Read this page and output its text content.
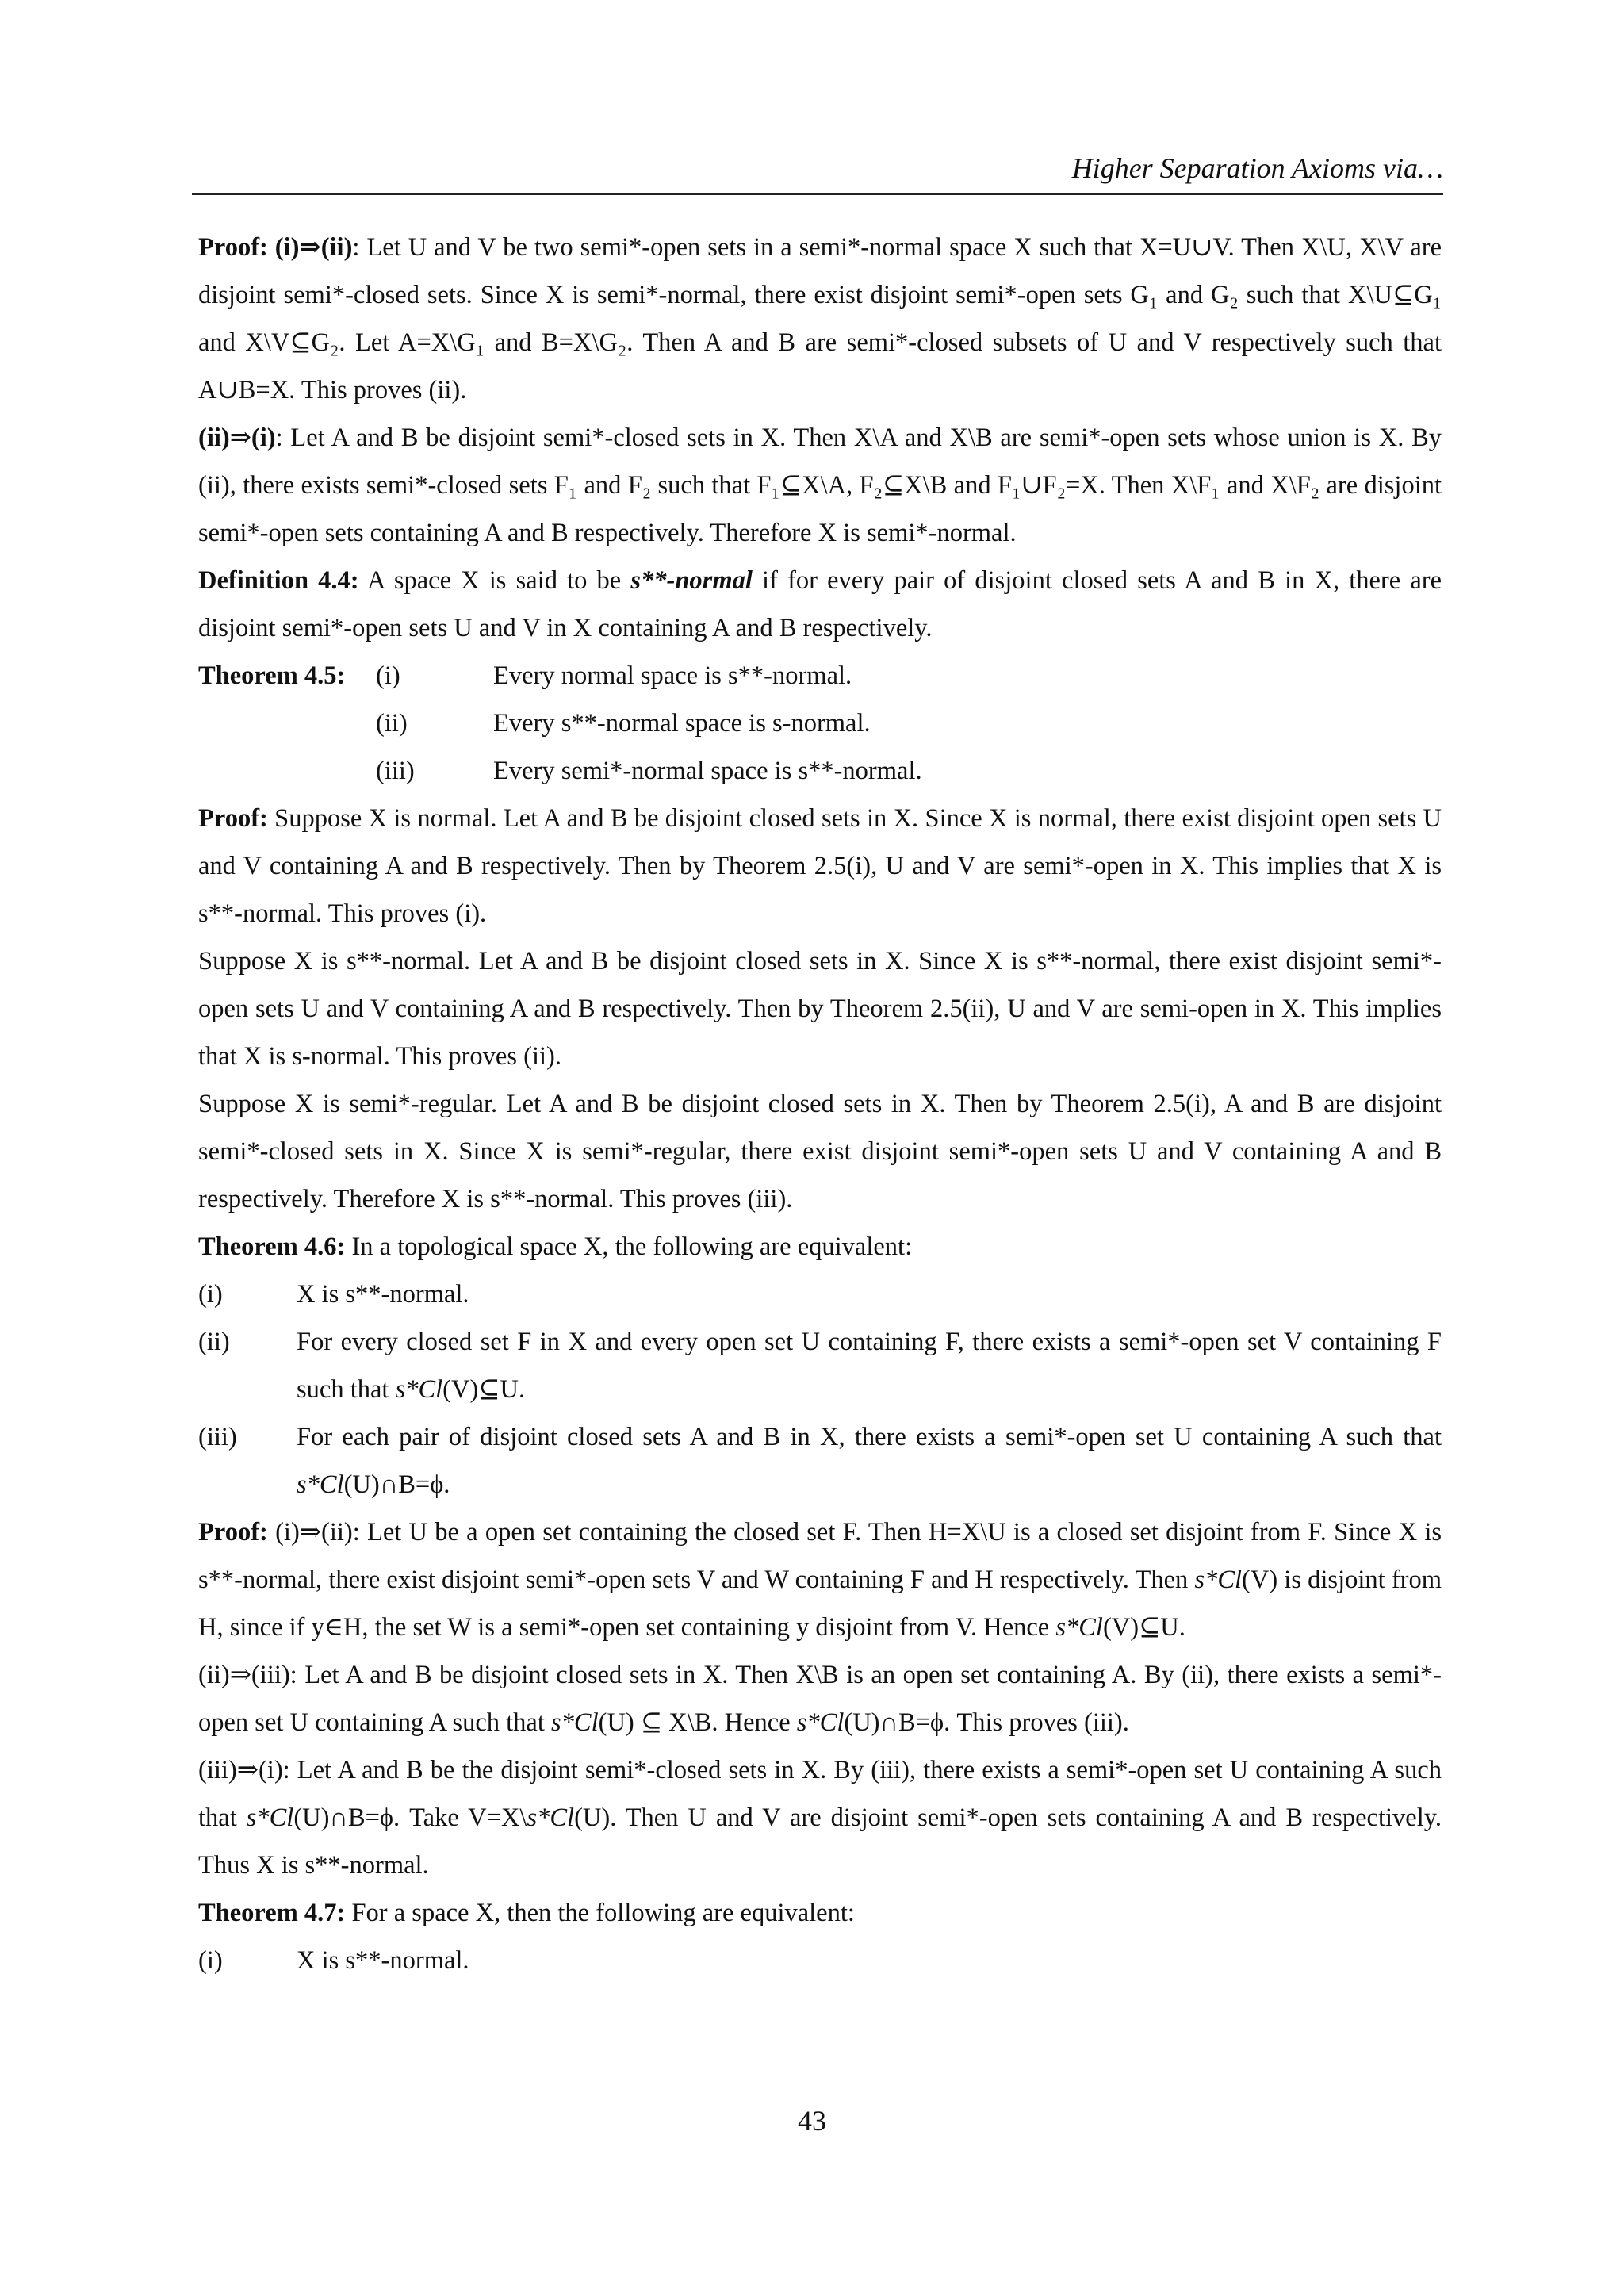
Higher Separation Axioms via…

Proof: (i)⇒(ii): Let U and V be two semi*-open sets in a semi*-normal space X such that X=U∪V. Then X\U, X\V are disjoint semi*-closed sets. Since X is semi*-normal, there exist disjoint semi*-open sets G₁ and G₂ such that X\U⊆G₁ and X\V⊆G₂. Let A=X\G₁ and B=X\G₂. Then A and B are semi*-closed subsets of U and V respectively such that A∪B=X. This proves (ii).

(ii)⇒(i): Let A and B be disjoint semi*-closed sets in X. Then X\A and X\B are semi*-open sets whose union is X. By (ii), there exists semi*-closed sets F₁ and F₂ such that F₁⊆X\A, F₂⊆X\B and F₁∪F₂=X. Then X\F₁ and X\F₂ are disjoint semi*-open sets containing A and B respectively. Therefore X is semi*-normal.

Definition 4.4: A space X is said to be s**-normal if for every pair of disjoint closed sets A and B in X, there are disjoint semi*-open sets U and V in X containing A and B respectively.

Theorem 4.5: (i)	Every normal space is s**-normal.
(ii)	Every s**-normal space is s-normal.
(iii)	Every semi*-normal space is s**-normal.

Proof: Suppose X is normal. Let A and B be disjoint closed sets in X. Since X is normal, there exist disjoint open sets U and V containing A and B respectively. Then by Theorem 2.5(i), U and V are semi*-open in X. This implies that X is s**-normal. This proves (i).

Suppose X is s**-normal. Let A and B be disjoint closed sets in X. Since X is s**-normal, there exist disjoint semi*-open sets U and V containing A and B respectively. Then by Theorem 2.5(ii), U and V are semi-open in X. This implies that X is s-normal. This proves (ii).

Suppose X is semi*-regular. Let A and B be disjoint closed sets in X. Then by Theorem 2.5(i), A and B are disjoint semi*-closed sets in X. Since X is semi*-regular, there exist disjoint semi*-open sets U and V containing A and B respectively. Therefore X is s**-normal. This proves (iii).

Theorem 4.6: In a topological space X, the following are equivalent:

(i)	X is s**-normal.
(ii)	For every closed set F in X and every open set U containing F, there exists a semi*-open set V containing F such that s*Cl(V)⊆U.
(iii)	For each pair of disjoint closed sets A and B in X, there exists a semi*-open set U containing A such that s*Cl(U)∩B=ϕ.

Proof: (i)⇒(ii): Let U be a open set containing the closed set F. Then H=X\U is a closed set disjoint from F. Since X is s**-normal, there exist disjoint semi*-open sets V and W containing F and H respectively. Then s*Cl(V) is disjoint from H, since if y∈H, the set W is a semi*-open set containing y disjoint from V. Hence s*Cl(V)⊆U.

(ii)⇒(iii): Let A and B be disjoint closed sets in X. Then X\B is an open set containing A. By (ii), there exists a semi*-open set U containing A such that s*Cl(U) ⊆ X\B. Hence s*Cl(U)∩B=ϕ. This proves (iii).

(iii)⇒(i): Let A and B be the disjoint semi*-closed sets in X. By (iii), there exists a semi*-open set U containing A such that s*Cl(U)∩B=ϕ. Take V=X\s*Cl(U). Then U and V are disjoint semi*-open sets containing A and B respectively. Thus X is s**-normal.

Theorem 4.7: For a space X, then the following are equivalent:

(i)	X is s**-normal.
43
